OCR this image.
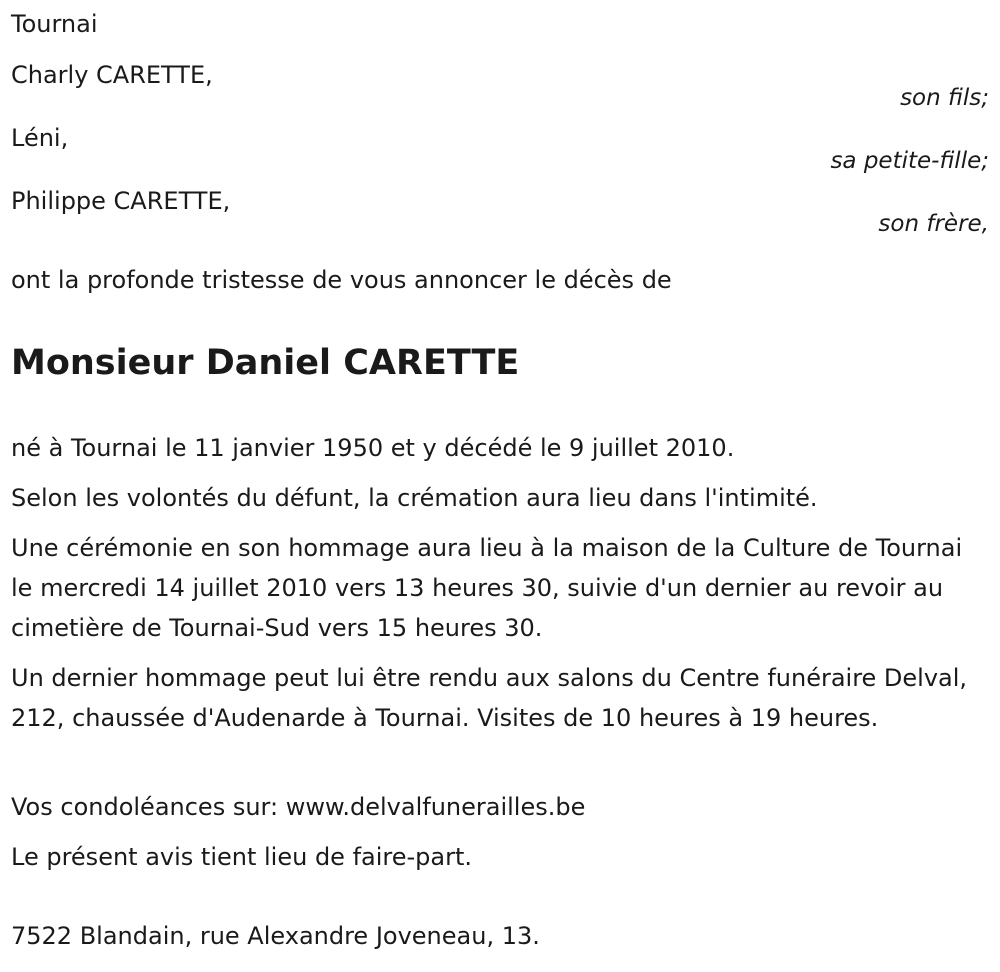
Tournai
Charly CARETTE,
son fils;
Léni,
sa petite-fille;
Philippe CARETTE,
son frère,
ont la profonde tristesse de vous annoncer le décès de
Monsieur Daniel CARETTE
né à Tournai le 11 janvier 1950 et y décédé le 9 juillet 2010.
Selon les volontés du défunt, la crémation aura lieu dans l'intimité.
Une cérémonie en son hommage aura lieu à la maison de la Culture de Tournai le mercredi 14 juillet 2010 vers 13 heures 30, suivie d'un dernier au revoir au cimetière de Tournai-Sud vers 15 heures 30.
Un dernier hommage peut lui être rendu aux salons du Centre funéraire Delval, 212, chaussée d'Audenarde à Tournai. Visites de 10 heures à 19 heures.
Vos condoléances sur: www.delvalfunerailles.be
Le présent avis tient lieu de faire-part.
7522 Blandain, rue Alexandre Joveneau, 13.
